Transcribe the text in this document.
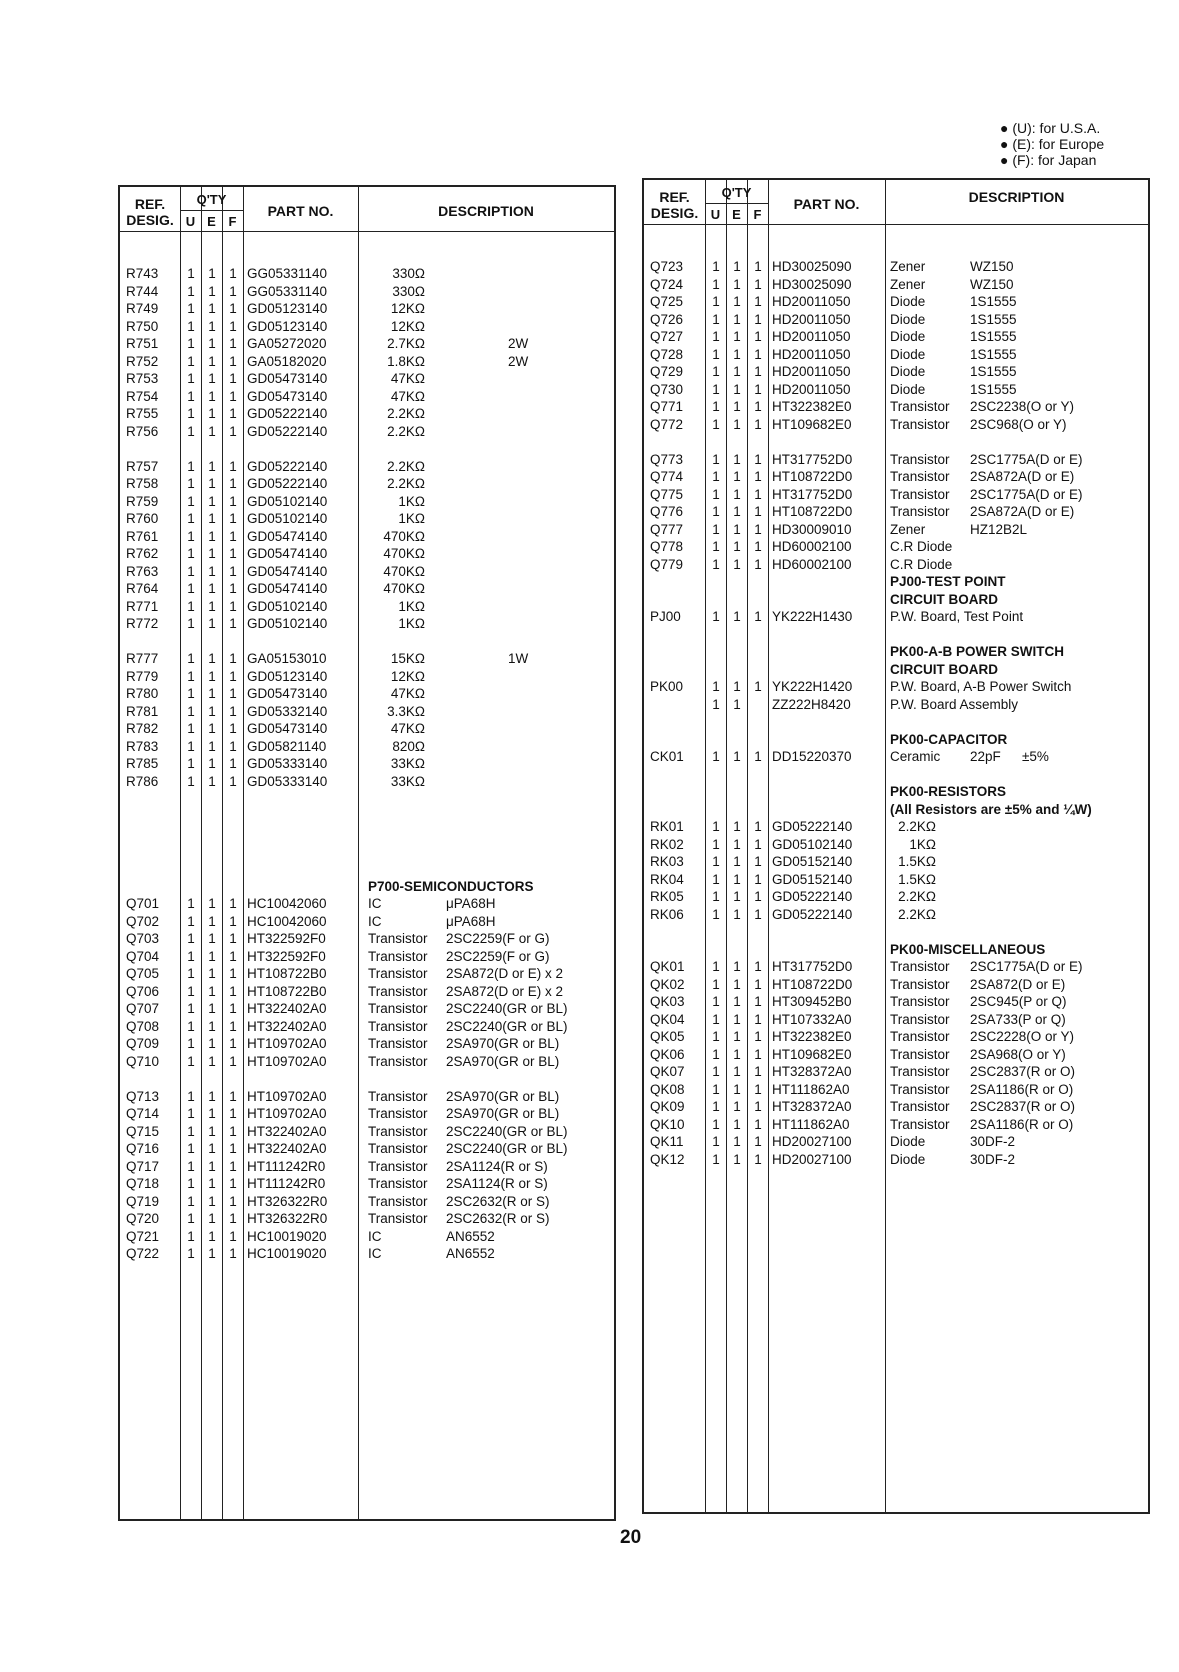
● (U): for U.S.A.
● (E): for Europe
● (F): for Japan
REF.
DESIG.
Q'TY
U E F
PART NO.	DESCRIPTION
R743 1 1 1 GG05331140	330Ω
R744 1 1 1 GG05331140	330Ω
R749 1 1 1 GD05123140	12KΩ
R750 1 1 1 GD05123140	12KΩ
R751 1 1 1 GA05272020	2.7KΩ	2W
R752 1 1 1 GA05182020	1.8KΩ	2W
R753 1 1 1 GD05473140	47KΩ
R754 1 1 1 GD05473140	47KΩ
R755 1 1 1 GD05222140	2.2KΩ
R756 1 1 1 GD05222140	2.2KΩ
R757 1 1 1 GD05222140	2.2KΩ
R758 1 1 1 GD05222140	2.2KΩ
R759 1 1 1 GD05102140	1KΩ
R760 1 1 1 GD05102140	1KΩ
R761 1 1 1 GD05474140	470KΩ
R762 1 1 1 GD05474140	470KΩ
R763 1 1 1 GD05474140	470KΩ
R764 1 1 1 GD05474140	470KΩ
R771 1 1 1 GD05102140	1KΩ
R772 1 1 1 GD05102140	1KΩ
R777 1 1 1 GA05153010	15KΩ	1W
R779 1 1 1 GD05123140	12KΩ
R780 1 1 1 GD05473140	47KΩ
R781 1 1 1 GD05332140	3.3KΩ
R782 1 1 1 GD05473140	47KΩ
R783 1 1 1 GD05821140	820Ω
R785 1 1 1 GD05333140	33KΩ
R786 1 1 1 GD05333140	33KΩ
P700-SEMICONDUCTORS
Q701 1 1 1 HC10042060	IC	μPA68H
Q702 1 1 1 HC10042060	IC	μPA68H
Q703 1 1 1 HT322592F0	Transistor 2SC2259(F or G)
Q704 1 1 1 HT322592F0	Transistor 2SC2259(F or G)
Q705 1 1 1 HT108722B0	Transistor 2SA872(D or E) x 2
Q706 1 1 1 HT108722B0	Transistor 2SA872(D or E) x 2
Q707 1 1 1 HT322402A0	Transistor 2SC2240(GR or BL)
Q708 1 1 1 HT322402A0	Transistor 2SC2240(GR or BL)
Q709 1 1 1 HT109702A0	Transistor 2SA970(GR or BL)
Q710 1 1 1 HT109702A0	Transistor 2SA970(GR or BL)
Q713 1 1 1 HT109702A0	Transistor 2SA970(GR or BL)
Q714 1 1 1 HT109702A0	Transistor 2SA970(GR or BL)
Q715 1 1 1 HT322402A0	Transistor 2SC2240(GR or BL)
Q716 1 1 1 HT322402A0	Transistor 2SC2240(GR or BL)
Q717 1 1 1 HT111242R0	Transistor 2SA1124(R or S)
Q718 1 1 1 HT111242R0	Transistor 2SA1124(R or S)
Q719 1 1 1 HT326322R0	Transistor 2SC2632(R or S)
Q720 1 1 1 HT326322R0	Transistor 2SC2632(R or S)
Q721 1 1 1 HC10019020	IC	AN6552
Q722 1 1 1 HC10019020	IC	AN6552
REF.
DESIG.
Q'TY
U E F
PART NO.	DESCRIPTION
Q723 1 1 1 HD30025090	Zener	WZ150
Q724 1 1 1 HD30025090	Zener	WZ150
Q725 1 1 1 HD20011050	Diode	1S1555
Q726 1 1 1 HD20011050	Diode	1S1555
Q727 1 1 1 HD20011050	Diode	1S1555
Q728 1 1 1 HD20011050	Diode	1S1555
Q729 1 1 1 HD20011050	Diode	1S1555
Q730 1 1 1 HD20011050	Diode	1S1555
Q771 1 1 1 HT322382E0	Transistor 2SC2238(O or Y)
Q772 1 1 1 HT109682E0	Transistor 2SC968(O or Y)
Q773 1 1 1 HT317752D0	Transistor 2SC1775A(D or E)
Q774 1 1 1 HT108722D0	Transistor 2SA872A(D or E)
Q775 1 1 1 HT317752D0	Transistor 2SC1775A(D or E)
Q776 1 1 1 HT108722D0	Transistor 2SA872A(D or E)
Q777 1 1 1 HD30009010	Zener	HZ12B2L
Q778 1 1 1 HD60002100	C.R Diode
Q779 1 1 1 HD60002100	C.R Diode
PJ00-TEST POINT
CIRCUIT BOARD
PJ00 1 1 1 YK222H1430	P.W. Board, Test Point
PK00-A-B POWER SWITCH
CIRCUIT BOARD
PK00 1 1 1 YK222H1420	P.W. Board, A-B Power Switch
1 1 ZZ222H8420	P.W. Board Assembly
PK00-CAPACITOR
CK01 1 1 1 DD15220370	Ceramic 22pF ±5%
PK00-RESISTORS
(All Resistors are ±5% and ¼W)
RK01 1 1 1 GD05222140	2.2KΩ
RK02 1 1 1 GD05102140	1KΩ
RK03 1 1 1 GD05152140	1.5KΩ
RK04 1 1 1 GD05152140	1.5KΩ
RK05 1 1 1 GD05222140	2.2KΩ
RK06 1 1 1 GD05222140	2.2KΩ
PK00-MISCELLANEOUS
QK01 1 1 1 HT317752D0	Transistor 2SC1775A(D or E)
QK02 1 1 1 HT108722D0	Transistor 2SA872(D or E)
QK03 1 1 1 HT309452B0	Transistor 2SC945(P or Q)
QK04 1 1 1 HT107332A0	Transistor 2SA733(P or Q)
QK05 1 1 1 HT322382E0	Transistor 2SC2228(O or Y)
QK06 1 1 1 HT109682E0	Transistor 2SA968(O or Y)
QK07 1 1 1 HT328372A0	Transistor 2SC2837(R or O)
QK08 1 1 1 HT111862A0	Transistor 2SA1186(R or O)
QK09 1 1 1 HT328372A0	Transistor 2SC2837(R or O)
QK10 1 1 1 HT111862A0	Transistor 2SA1186(R or O)
QK11 1 1 1 HD20027100	Diode	30DF-2
QK12 1 1 1 HD20027100	Diode	30DF-2
20
